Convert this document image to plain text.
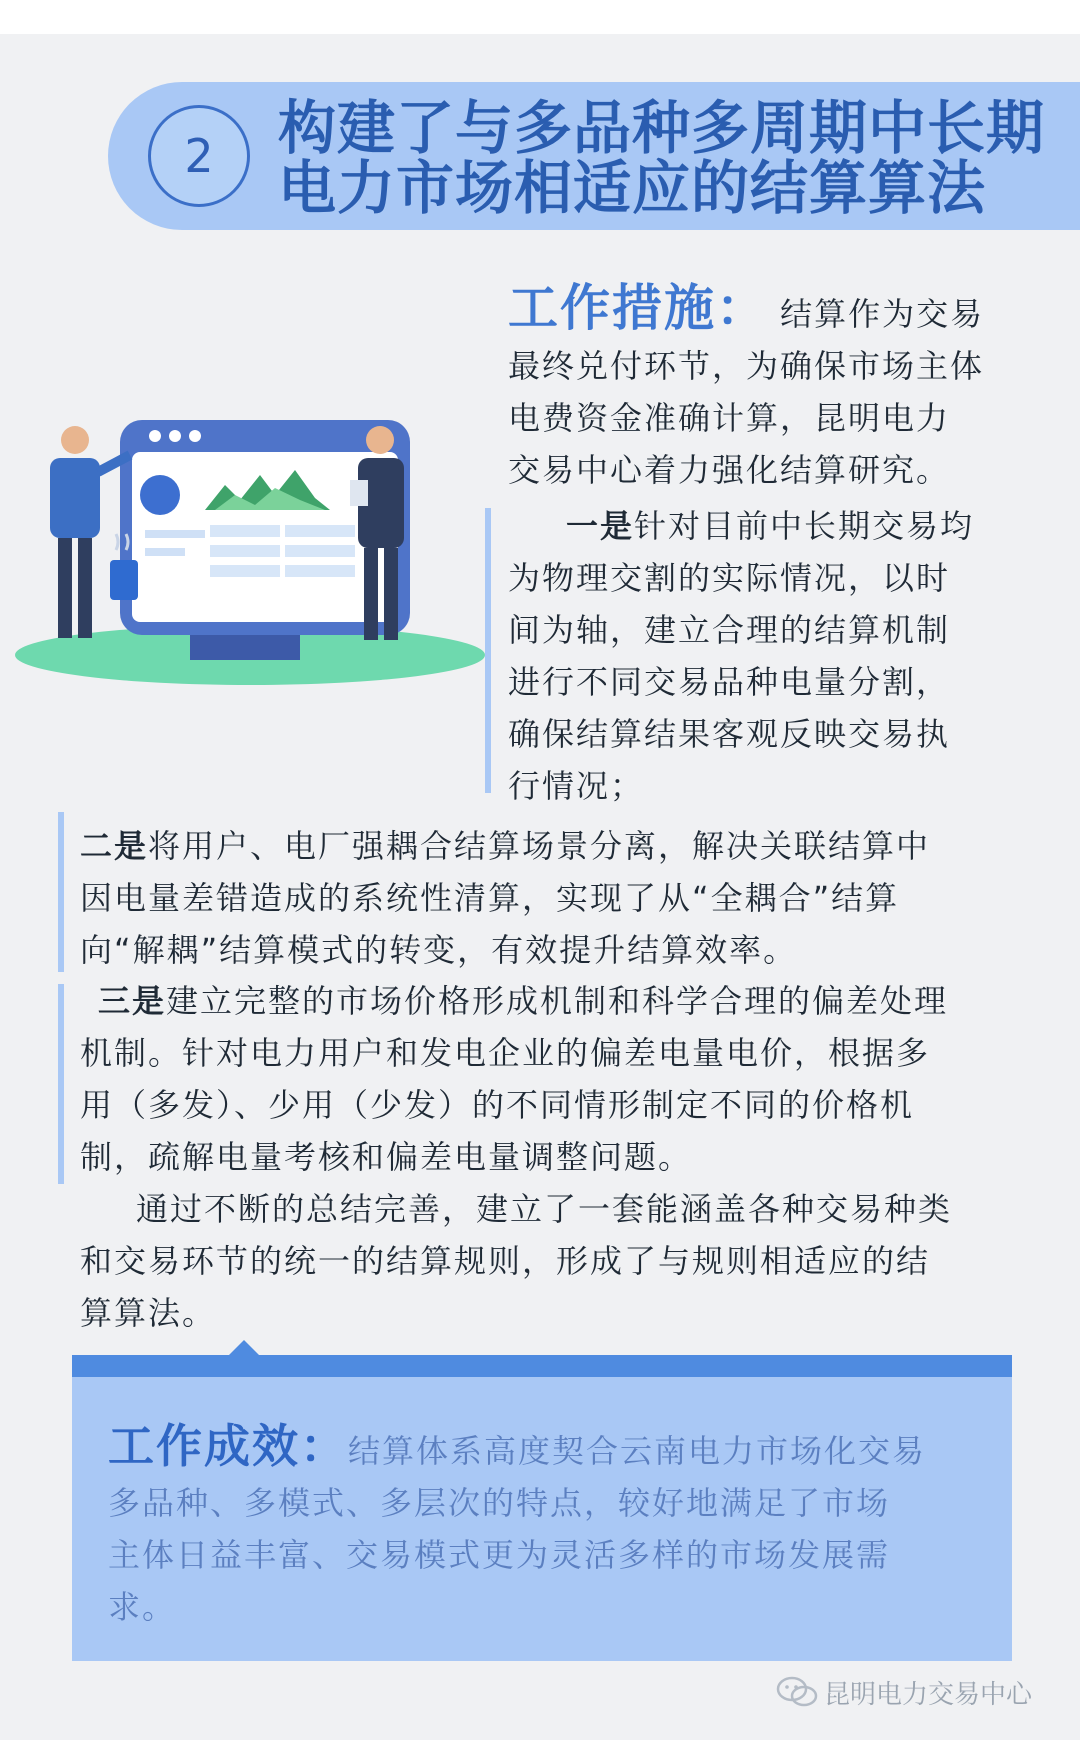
2	构建了与多品种多周期中长期
电力市场相适应的结算算法
工作措施： 结算作为交易
最终兑付环节，为确保市场主体
电费资金准确计算，昆明电力
交易中心着力强化结算研究。
一是针对目前中长期交易均
为物理交割的实际情况，以时
间为轴，建立合理的结算机制
进行不同交易品种电量分割，
确保结算结果客观反映交易执
行情况；
二是将用户、电厂强耦合结算场景分离，解决关联结算中
因电量差错造成的系统性清算，实现了从“全耦合”结算
向“解耦”结算模式的转变，有效提升结算效率。
三是建立完整的市场价格形成机制和科学合理的偏差处理
机制。针对电力用户和发电企业的偏差电量电价，根据多
用（多发）、少用（少发）的不同情形制定不同的价格机
制，疏解电量考核和偏差电量调整问题。
通过不断的总结完善，建立了一套能涵盖各种交易种类
和交易环节的统一的结算规则，形成了与规则相适应的结
算算法。
工作成效：结算体系高度契合云南电力市场化交易
多品种、多模式、多层次的特点，较好地满足了市场
主体日益丰富、交易模式更为灵活多样的市场发展需
求。
昆明电力交易中心
